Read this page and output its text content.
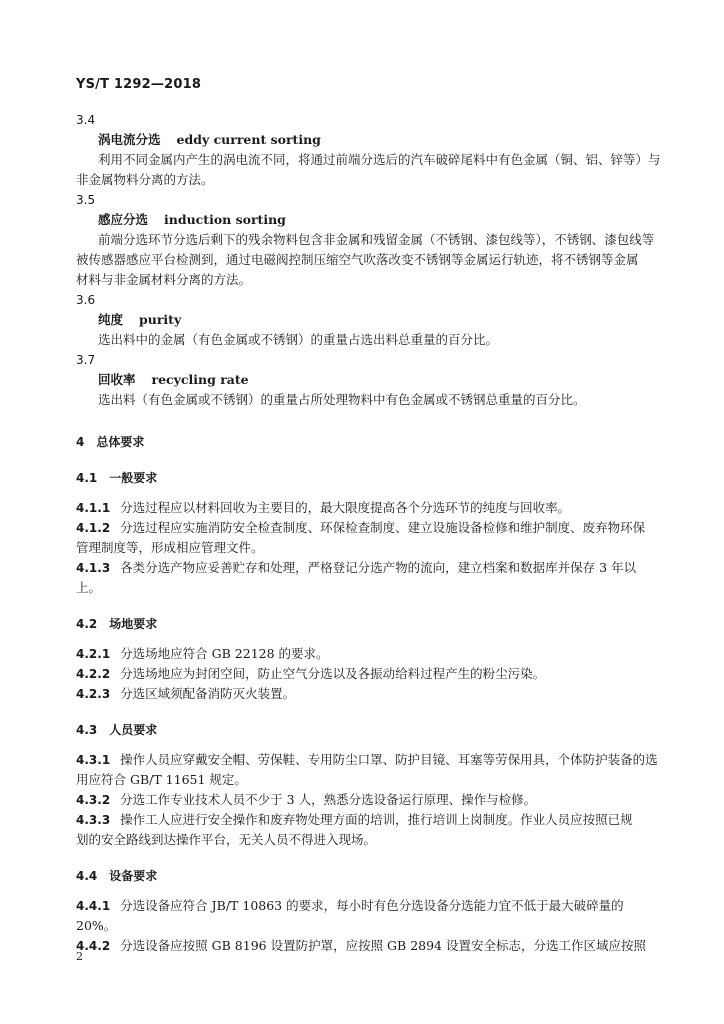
YS/T 1292—2018
3.4
涡电流分选 eddy current sorting
利用不同金属内产生的涡电流不同，将通过前端分选后的汽车破碎尾料中有色金属（铜、铝、锌等）与
非金属物料分离的方法。
3.5
感应分选 induction sorting
前端分选环节分选后剩下的残余物料包含非金属和残留金属（不锈钢、漆包线等），不锈钢、漆包线等
被传感器感应平台检测到，通过电磁阀控制压缩空气吹落改变不锈钢等金属运行轨迹，将不锈钢等金属
材料与非金属材料分离的方法。
3.6
纯度 purity
选出料中的金属（有色金属或不锈钢）的重量占选出料总重量的百分比。
3.7
回收率 recycling rate
选出料（有色金属或不锈钢）的重量占所处理物料中有色金属或不锈钢总重量的百分比。
4 总体要求
4.1 一般要求
4.1.1 分选过程应以材料回收为主要目的，最大限度提高各个分选环节的纯度与回收率。
4.1.2 分选过程应实施消防安全检查制度、环保检查制度、建立设施设备检修和维护制度、废弃物环保
管理制度等，形成相应管理文件。
4.1.3 各类分选产物应妥善贮存和处理，严格登记分选产物的流向，建立档案和数据库并保存 3 年以
上。
4.2 场地要求
4.2.1 分选场地应符合 GB 22128 的要求。
4.2.2 分选场地应为封闭空间，防止空气分选以及各振动给料过程产生的粉尘污染。
4.2.3 分选区域须配备消防灭火装置。
4.3 人员要求
4.3.1 操作人员应穿戴安全帽、劳保鞋、专用防尘口罩、防护目镜、耳塞等劳保用具，个体防护装备的选
用应符合 GB/T 11651 规定。
4.3.2 分选工作专业技术人员不少于 3 人，熟悉分选设备运行原理、操作与检修。
4.3.3 操作工人应进行安全操作和废弃物处理方面的培训，推行培训上岗制度。作业人员应按照已规
划的安全路线到达操作平台，无关人员不得进入现场。
4.4 设备要求
4.4.1 分选设备应符合 JB/T 10863 的要求，每小时有色分选设备分选能力宜不低于最大破碎量的
20%。
4.4.2 分选设备应按照 GB 8196 设置防护罩，应按照 GB 2894 设置安全标志，分选工作区域应按照
2
